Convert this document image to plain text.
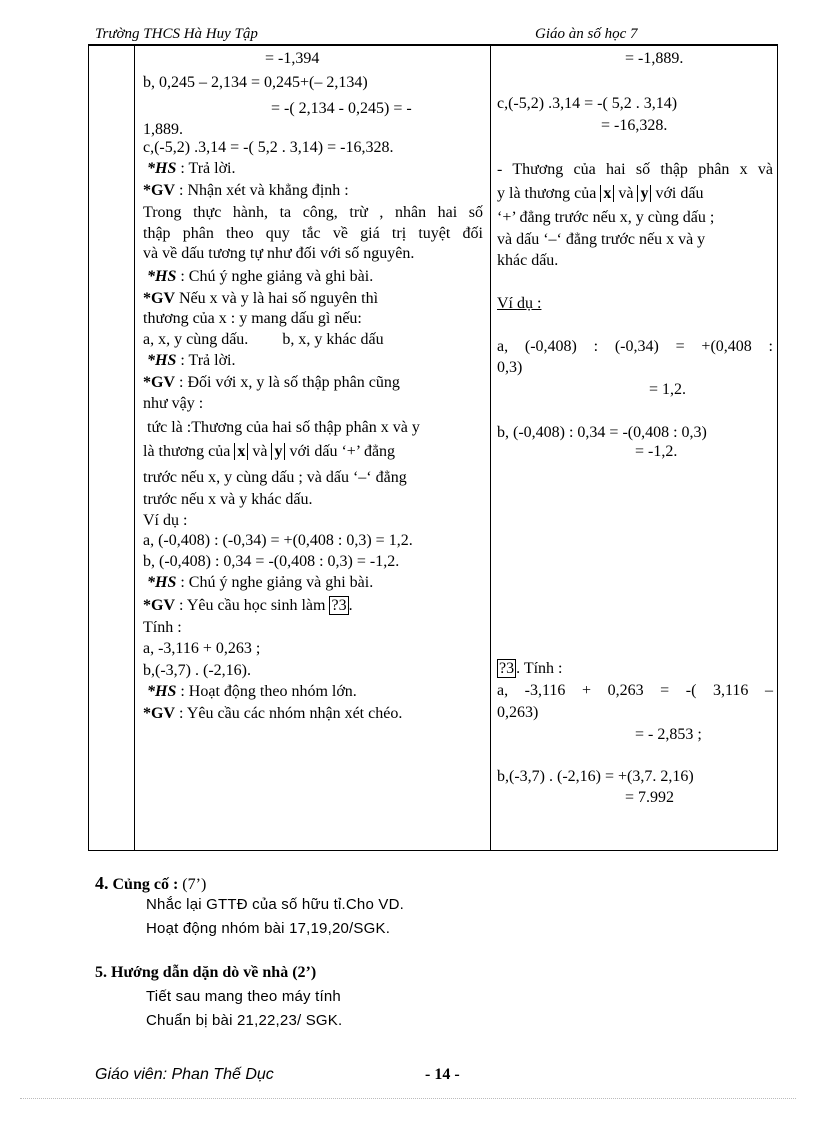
Trường THCS Hà Huy Tập	Giáo àn số học 7
= -1,394
b, 0,245 – 2,134 = 0,245+(– 2,134)
= -( 2,134 - 0,245) = -
1,889.
c,(-5,2) .3,14 = -( 5,2 . 3,14) = -16,328.
*HS : Trả lời.
*GV : Nhận xét và khẳng định :
Trong thực hành, ta công, trừ , nhân hai số
thập phân theo quy tắc về giá trị tuyệt đối
và về dấu tương tự như đối với số nguyên.
*HS : Chú ý nghe giảng và ghi bài.
*GV Nếu x và y là hai số nguyên thì
thương của x : y mang dấu gì nếu:
a, x, y cùng dấu. b, x, y khác dấu
*HS : Trả lời.
*GV : Đối với x, y là số thập phân cũng
như vậy :
tức là :Thương của hai số thập phân x và y
là thương của x và y với dấu ‘+’ đẳng
trước nếu x, y cùng dấu ; và dấu ‘–‘ đẳng
trước nếu x và y khác dấu.
Ví dụ :
a, (-0,408) : (-0,34) = +(0,408 : 0,3) = 1,2.
b, (-0,408) : 0,34 = -(0,408 : 0,3) = -1,2.
*HS : Chú ý nghe giảng và ghi bài.
*GV : Yêu cầu học sinh làm ?3 .
Tính :
a, -3,116 + 0,263 ;
b,(-3,7) . (-2,16).
*HS : Hoạt động theo nhóm lớn.
*GV : Yêu cầu các nhóm nhận xét chéo.
= -1,889.
c,(-5,2) .3,14 = -( 5,2 . 3,14)
= -16,328.
- Thương của hai số thập phân x và
y là thương của x và y với dấu
‘+’ đẳng trước nếu x, y cùng dấu ;
và dấu ‘–‘ đẳng trước nếu x và y
khác dấu.
Ví dụ :
a, (-0,408) : (-0,34) = +(0,408 :
0,3)
= 1,2.
b, (-0,408) : 0,34 = -(0,408 : 0,3)
= -1,2.
?3 . Tính :
a, -3,116 + 0,263 = -( 3,116 –
0,263)
= - 2,853 ;
b,(-3,7) . (-2,16) = +(3,7. 2,16)
= 7.992
4. Củng cố : (7’)
Nhắc lại GTTĐ của số hữu tỉ.Cho VD.
Hoạt động nhóm bài 17,19,20/SGK.
5. Hướng dẫn dặn dò về nhà (2’)
Tiết sau mang theo máy tính
Chuẩn bị bài 21,22,23/ SGK.
Giáo viên: Phan Thế Dục	- 14 -
